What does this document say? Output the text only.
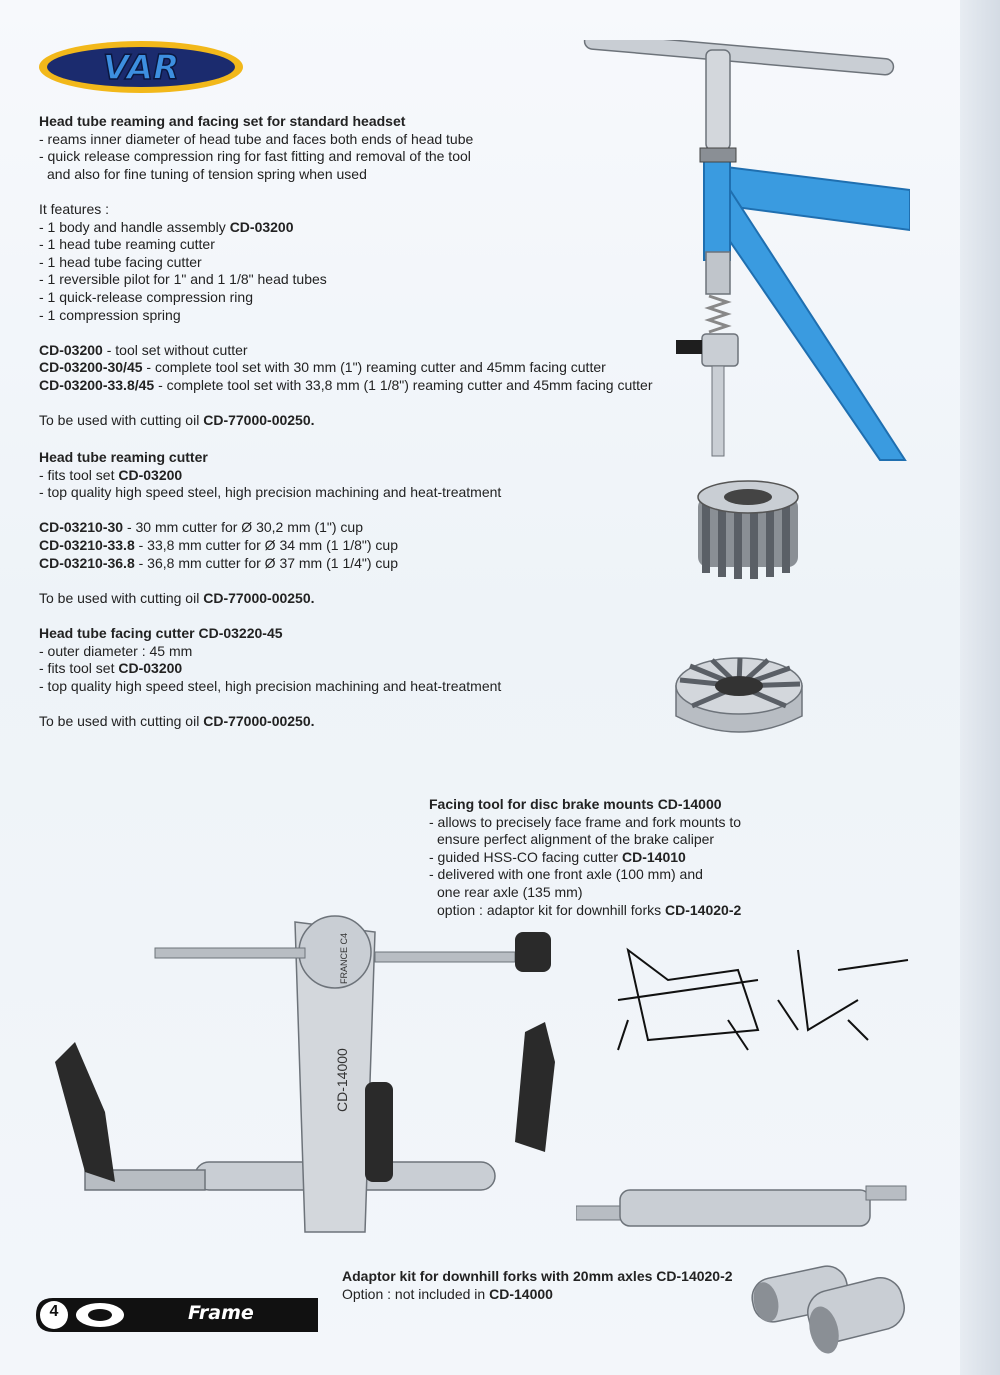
VAR

Head tube reaming and facing set for standard headset

- reams inner diameter of head tube and faces both ends of head tube

- quick release compression ring for fast fitting and removal of the tool

and also for fine tuning of tension spring when used

It features :

- 1 body and handle assembly CD-03200

- 1 head tube reaming cutter

- 1 head tube facing cutter

- 1 reversible pilot for 1" and 1 1/8" head tubes

- 1 quick-release compression ring

- 1 compression spring

CD-03200 - tool set without cutter

CD-03200-30/45 - complete tool set with 30 mm (1") reaming cutter and 45mm facing cutter

CD-03200-33.8/45 - complete tool set with 33,8 mm (1 1/8") reaming cutter and 45mm facing cutter

To be used with cutting oil CD-77000-00250.

Head tube reaming cutter

- fits tool set CD-03200

- top quality high speed steel, high precision machining and heat-treatment

CD-03210-30 - 30 mm cutter for Ø 30,2 mm (1") cup

CD-03210-33.8 - 33,8 mm cutter for Ø 34 mm (1 1/8") cup

CD-03210-36.8 - 36,8 mm cutter for Ø 37 mm (1 1/4") cup

To be used with cutting oil CD-77000-00250.

Head tube facing cutter CD-03220-45

- outer diameter : 45 mm

- fits tool set CD-03200

- top quality high speed steel, high precision machining and heat-treatment

To be used with cutting oil CD-77000-00250.

Facing tool for disc brake mounts CD-14000

- allows to precisely face frame and fork mounts to

ensure perfect alignment of the brake caliper

- guided HSS-CO facing cutter CD-14010

- delivered with one front axle (100 mm) and

one rear axle (135 mm)

option : adaptor kit for downhill forks CD-14020-2

Adaptor kit for downhill forks with 20mm axles CD-14020-2

Option : not included in CD-14000

CD-14000
FRANCE C4
4	Frame
